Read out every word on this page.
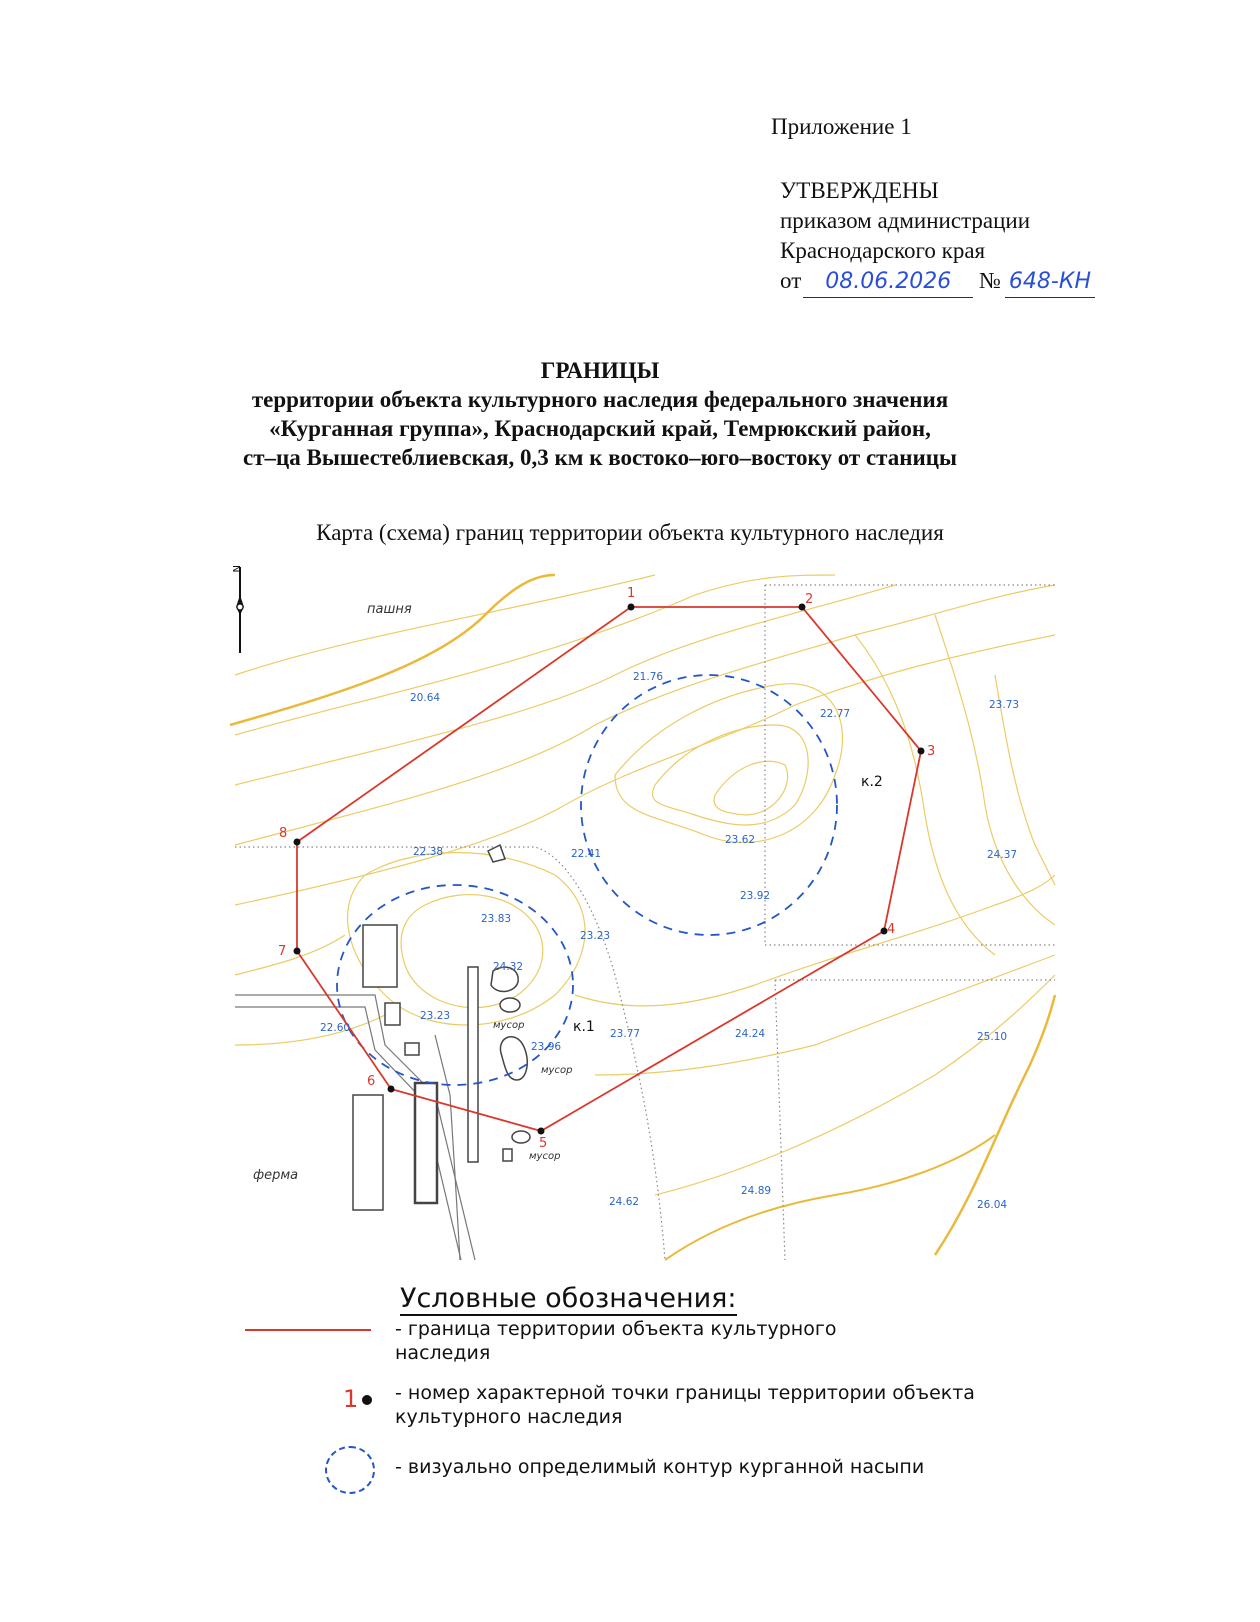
Приложение 1
УТВЕРЖДЕНЫ
приказом администрации
Краснодарского края
от 08.06.2026 № 648-КН
ГРАНИЦЫ
территории объекта культурного наследия федерального значения
«Курганная группа», Краснодарский край, Темрюкский район,
ст–ца Вышестеблиевская, 0,3 км к востоко–юго–востоку от станицы
Карта (схема) границ территории объекта культурного наследия
1	2
3
4
5
6
7
8
21.76
22.77
23.73
20.64
23.62
24.37
22.38	22.41
23.92
23.83
23.23
24.32
22.60
23.23
23.77	24.24	25.10
23.96
24.62
24.89
26.04
пашня
ферма
мусор
мусор
мусор
к.1
к.2
N
Условные обозначения:
- граница территории объекта культурного наследия
1	- номер характерной точки границы территории объекта культурного наследия
- визуально определимый контур курганной насыпи
